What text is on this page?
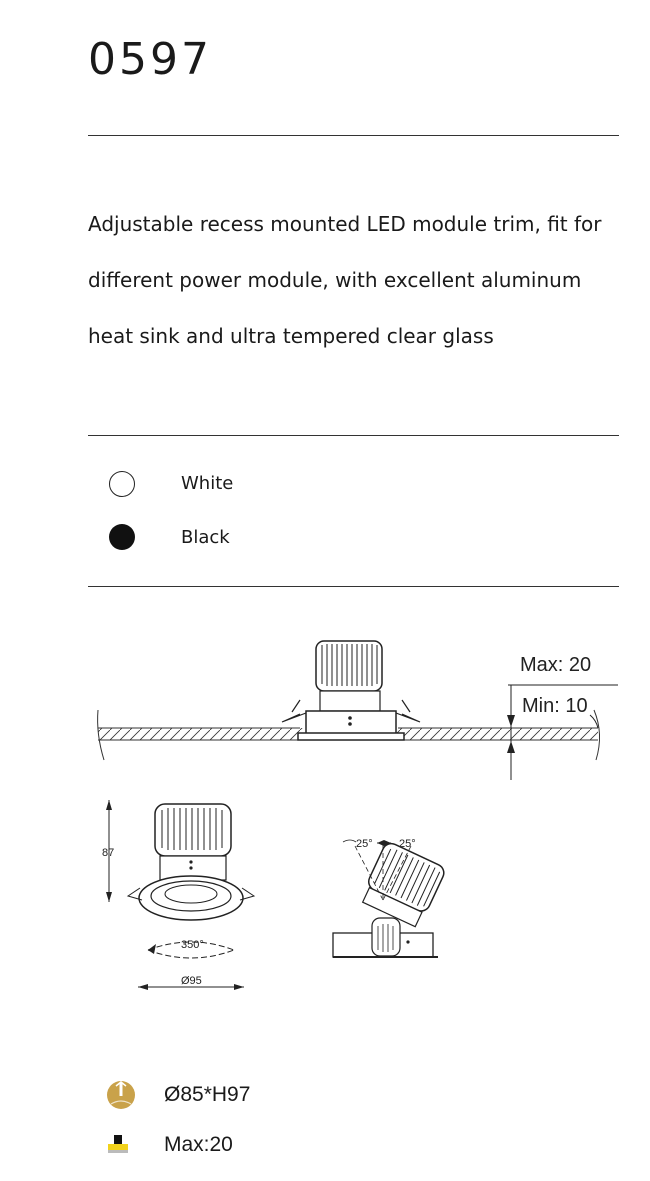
0597
Adjustable recess mounted LED module trim, fit for different power module, with excellent aluminum heat sink and ultra tempered clear glass
White
Black
Max: 20
Min: 10
87
350°
Ø95
25° 25°
Ø85*H97
Max:20
